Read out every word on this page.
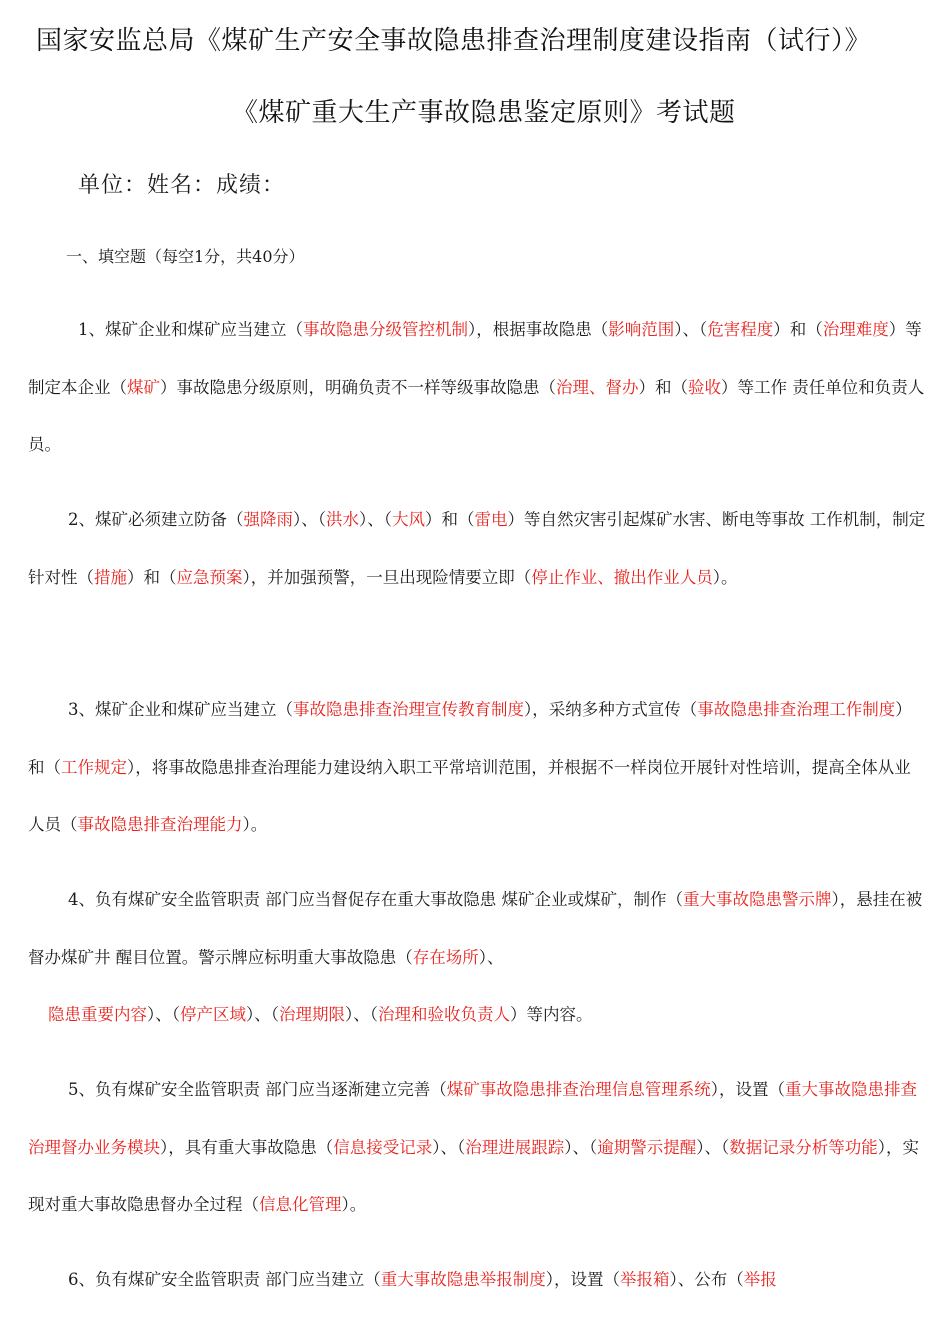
国家安监总局《煤矿生产安全事故隐患排查治理制度建设指南（试行）》
《煤矿重大生产事故隐患鉴定原则》考试题
单位：姓名：成绩：
一、填空题（每空1分，共40分）

1、煤矿企业和煤矿应当建立（事故隐患分级管控机制），根据事故隐患（影响范围）、（危害程度）和（治理难度）等制定本企业（煤矿）事故隐患分级原则，明确负责不一样等级事故隐患（治理、督办）和（验收）等工作 责任单位和负责人员。

2、煤矿必须建立防备（强降雨）、（洪水）、（大风）和（雷电）等自然灾害引起煤矿水害、断电等事故 工作机制，制定针对性（措施）和（应急预案），并加强预警，一旦出现险情要立即（停止作业、撤出作业人员）。

3、煤矿企业和煤矿应当建立（事故隐患排查治理宣传教育制度），采纳多种方式宣传（事故隐患排查治理工作制度）和（工作规定），将事故隐患排查治理能力建设纳入职工平常培训范围，并根据不一样岗位开展针对性培训，提高全体从业人员（事故隐患排查治理能力）。

4、负有煤矿安全监管职责 部门应当督促存在重大事故隐患 煤矿企业或煤矿，制作（重大事故隐患警示牌），悬挂在被督办煤矿井 醒目位置。警示牌应标明重大事故隐患（存在场所）、
隐患重要内容）、（停产区域）、（治理期限）、（治理和验收负责人）等内容。

5、负有煤矿安全监管职责 部门应当逐渐建立完善（煤矿事故隐患排查治理信息管理系统），设置（重大事故隐患排查治理督办业务模块），具有重大事故隐患（信息接受记录）、（治理进展跟踪）、（逾期警示提醒）、（数据记录分析等功能），实现对重大事故隐患督办全过程（信息化管理）。

6、负有煤矿安全监管职责 部门应当建立（重大事故隐患举报制度），设置（举报箱）、公布（举报
